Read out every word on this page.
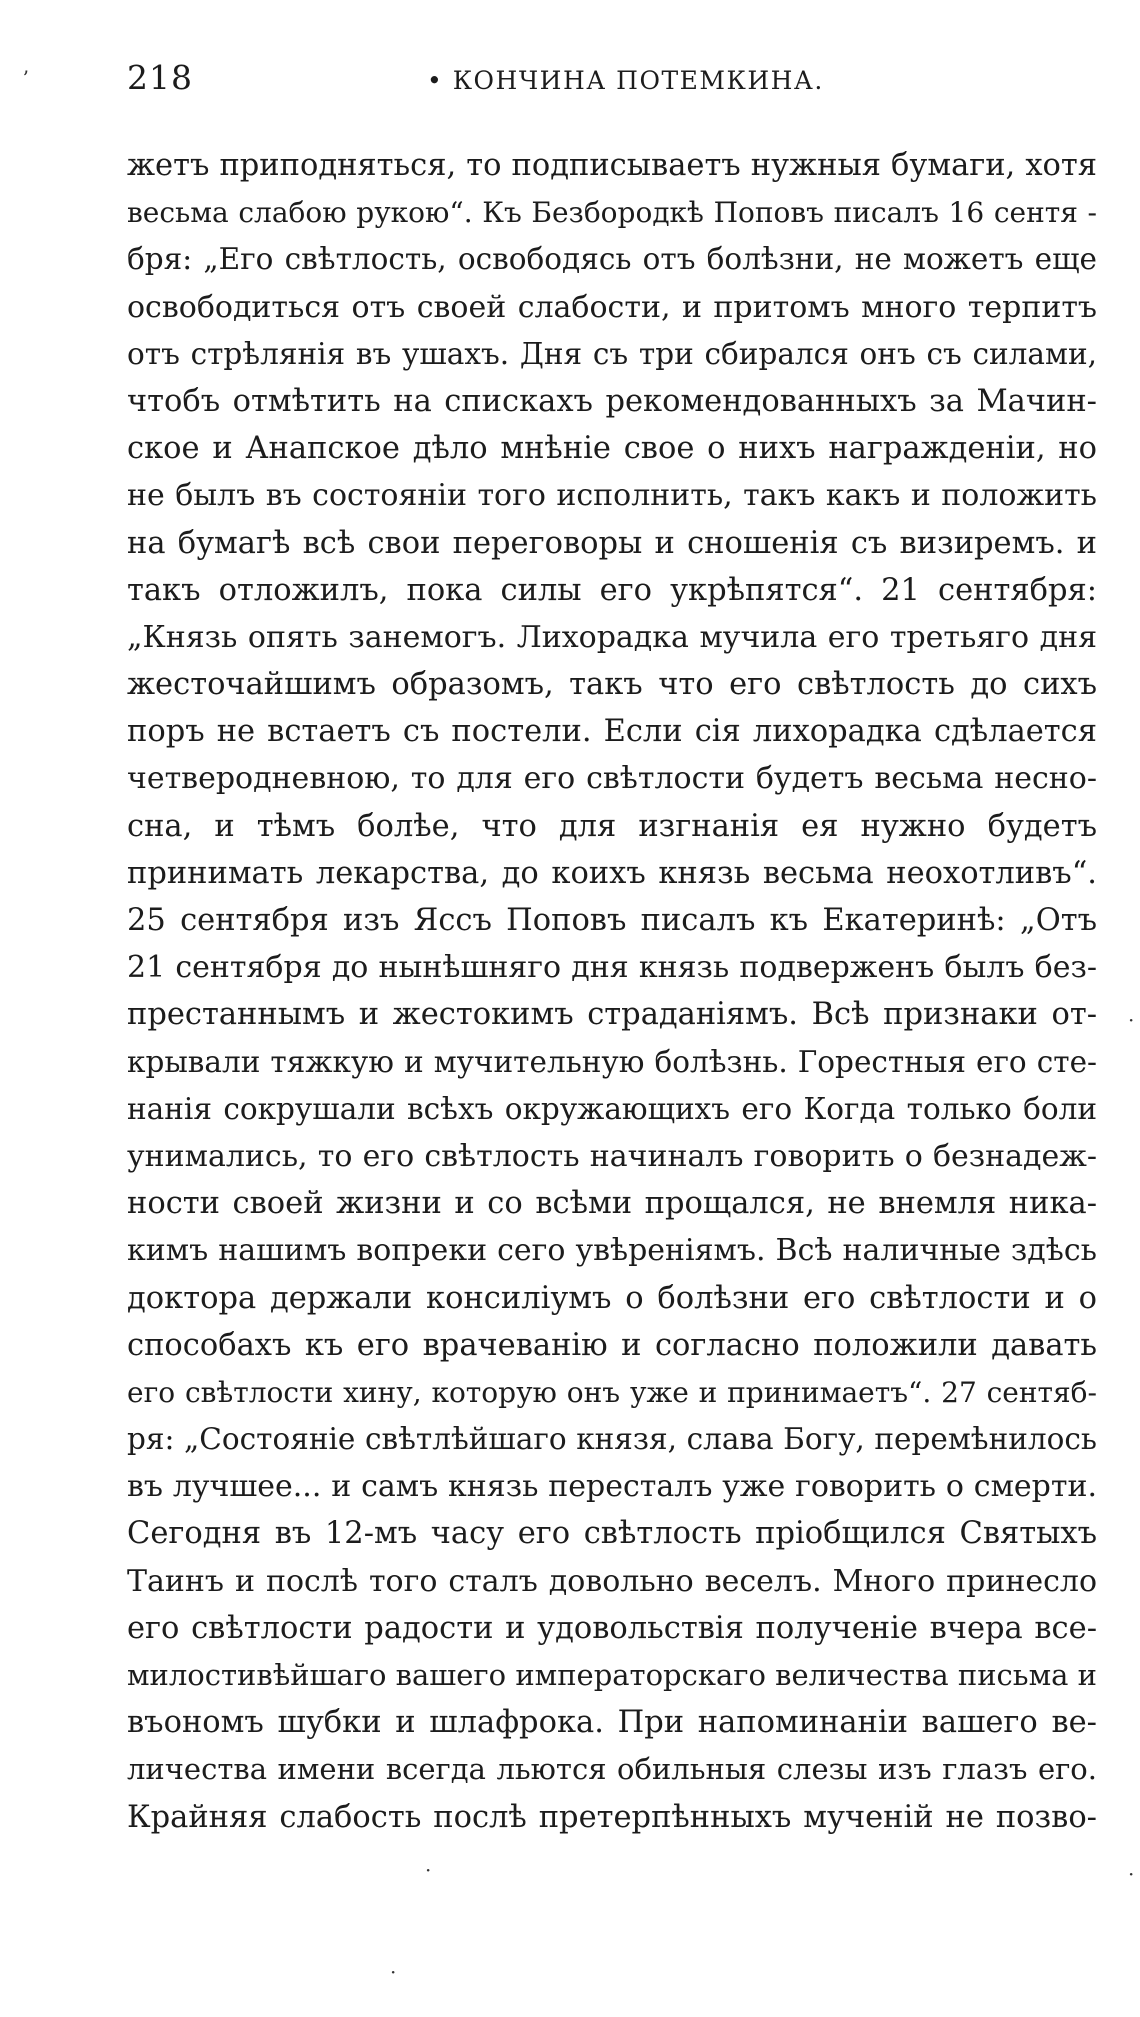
ʼ
·
·
·
·
218	• КОНЧИНА ПОТЕМКИНА.
жетъ приподняться, то подписываетъ нужныя бумаги, хотя
весьма слабою рукою“. Къ Безбородкѣ Поповъ писалъ 16 сентя -
бря: „Его свѣтлость, освободясь отъ болѣзни, не можетъ еще
освободиться отъ своей слабости, и притомъ много терпитъ
отъ стрѣлянія въ ушахъ. Дня съ три сбирался онъ съ силами,
чтобъ отмѣтить на спискахъ рекомендованныхъ за Мачин-
ское и Анапское дѣло мнѣніе свое о нихъ награжденіи, но
не былъ въ состояніи того исполнить, такъ какъ и положить
на бумагѣ всѣ свои переговоры и сношенія съ визиремъ. и
такъ отложилъ, пока силы его укрѣпятся“. 21 сентября:
„Князь опять занемогъ. Лихорадка мучила его третьяго дня
жесточайшимъ образомъ, такъ что его свѣтлость до сихъ
поръ не встаетъ съ постели. Если сія лихорадка сдѣлается
четверодневною, то для его свѣтлости будетъ весьма несно-
сна, и тѣмъ болѣе, что для изгнанія ея нужно будетъ
принимать лекарства, до коихъ князь весьма неохотливъ“.
25 сентября изъ Яссъ Поповъ писалъ къ Екатеринѣ: „Отъ
21 сентября до нынѣшняго дня князь подверженъ былъ без-
престаннымъ и жестокимъ страданіямъ. Всѣ признаки от-
крывали тяжкую и мучительную болѣзнь. Горестныя его сте-
нанія сокрушали всѣхъ окружающихъ его Когда только боли
унимались, то его свѣтлость начиналъ говорить о безнадеж-
ности своей жизни и со всѣми прощался, не внемля ника-
кимъ нашимъ вопреки сего увѣреніямъ. Всѣ наличные здѣсь
доктора держали консиліумъ о болѣзни его свѣтлости и о
способахъ къ его врачеванію и согласно положили давать
его свѣтлости хину, которую онъ уже и принимаетъ“. 27 сентяб-
ря: „Состояніе свѣтлѣйшаго князя, слава Богу, перемѣнилось
въ лучшее... и самъ князь пересталъ уже говорить о смерти.
Сегодня въ 12-мъ часу его свѣтлость пріобщился Святыхъ
Таинъ и послѣ того сталъ довольно веселъ. Много принесло
его свѣтлости радости и удовольствія полученіе вчера все-
милостивѣйшаго вашего императорскаго величества письма и
въономъ шубки и шлафрока. При напоминаніи вашего ве-
личества имени всегда льются обильныя слезы изъ глазъ его.
Крайняя слабость послѣ претерпѣнныхъ мученій не позво-
